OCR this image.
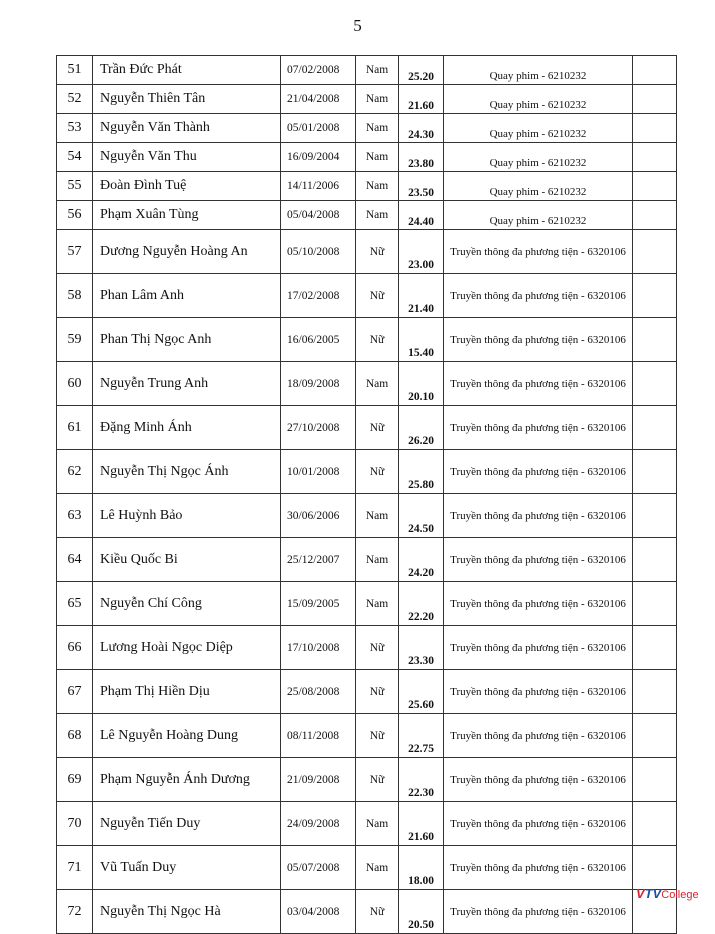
5
51	Trần Đức Phát	07/02/2008	Nam	25.20	Quay phim - 6210232	
52	Nguyễn Thiên Tân	21/04/2008	Nam	21.60	Quay phim - 6210232	
53	Nguyễn Văn Thành	05/01/2008	Nam	24.30	Quay phim - 6210232	
54	Nguyễn Văn Thu	16/09/2004	Nam	23.80	Quay phim - 6210232	
55	Đoàn Đình Tuệ	14/11/2006	Nam	23.50	Quay phim - 6210232	
56	Phạm Xuân Tùng	05/04/2008	Nam	24.40	Quay phim - 6210232	
57	Dương Nguyễn Hoàng An	05/10/2008	Nữ	23.00	Truyền thông đa phương tiện - 6320106	
58	Phan Lâm Anh	17/02/2008	Nữ	21.40	Truyền thông đa phương tiện - 6320106	
59	Phan Thị Ngọc Anh	16/06/2005	Nữ	15.40	Truyền thông đa phương tiện - 6320106	
60	Nguyễn Trung Anh	18/09/2008	Nam	20.10	Truyền thông đa phương tiện - 6320106	
61	Đặng Minh Ánh	27/10/2008	Nữ	26.20	Truyền thông đa phương tiện - 6320106	
62	Nguyễn Thị Ngọc Ánh	10/01/2008	Nữ	25.80	Truyền thông đa phương tiện - 6320106	
63	Lê Huỳnh Bảo	30/06/2006	Nam	24.50	Truyền thông đa phương tiện - 6320106	
64	Kiều Quốc Bi	25/12/2007	Nam	24.20	Truyền thông đa phương tiện - 6320106	
65	Nguyễn Chí Công	15/09/2005	Nam	22.20	Truyền thông đa phương tiện - 6320106	
66	Lương Hoài Ngọc Diệp	17/10/2008	Nữ	23.30	Truyền thông đa phương tiện - 6320106	
67	Phạm Thị Hiền Dịu	25/08/2008	Nữ	25.60	Truyền thông đa phương tiện - 6320106	
68	Lê Nguyễn Hoàng Dung	08/11/2008	Nữ	22.75	Truyền thông đa phương tiện - 6320106	
69	Phạm Nguyễn Ánh Dương	21/09/2008	Nữ	22.30	Truyền thông đa phương tiện - 6320106	
70	Nguyễn Tiến Duy	24/09/2008	Nam	21.60	Truyền thông đa phương tiện - 6320106	
71	Vũ Tuấn Duy	05/07/2008	Nam	18.00	Truyền thông đa phương tiện - 6320106	
72	Nguyễn Thị Ngọc Hà	03/04/2008	Nữ	20.50	Truyền thông đa phương tiện - 6320106	
VTVCollege
